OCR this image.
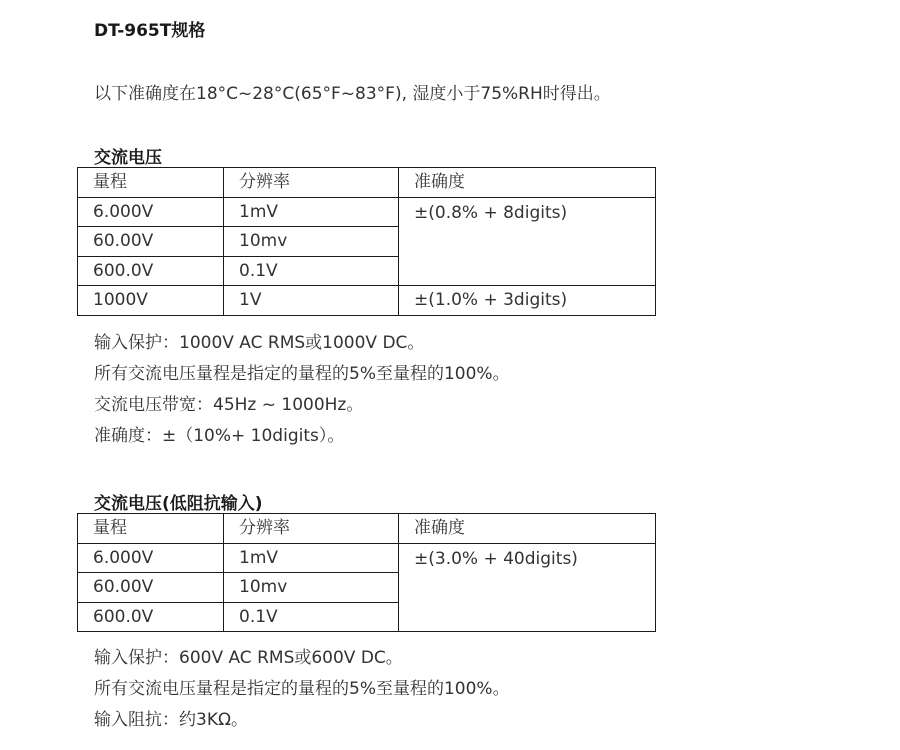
DT-965T规格
以下准确度在18°C~28°C(65°F~83°F), 湿度小于75%RH时得出。
交流电压
量程	分辨率	准确度
6.000V	1mV	±(0.8% + 8digits)
60.00V	10mv	
600.0V	0.1V	
1000V	1V	±(1.0% + 3digits)
输入保护：1000V AC RMS或1000V DC。
所有交流电压量程是指定的量程的5%至量程的100%。
交流电压带宽：45Hz ~ 1000Hz。
准确度：±（10%+ 10digits）。
交流电压(低阻抗输入)
量程	分辨率	准确度
6.000V	1mV	±(3.0% + 40digits)
60.00V	10mv	
600.0V	0.1V	
输入保护：600V AC RMS或600V DC。
所有交流电压量程是指定的量程的5%至量程的100%。
输入阻抗：约3KΩ。
